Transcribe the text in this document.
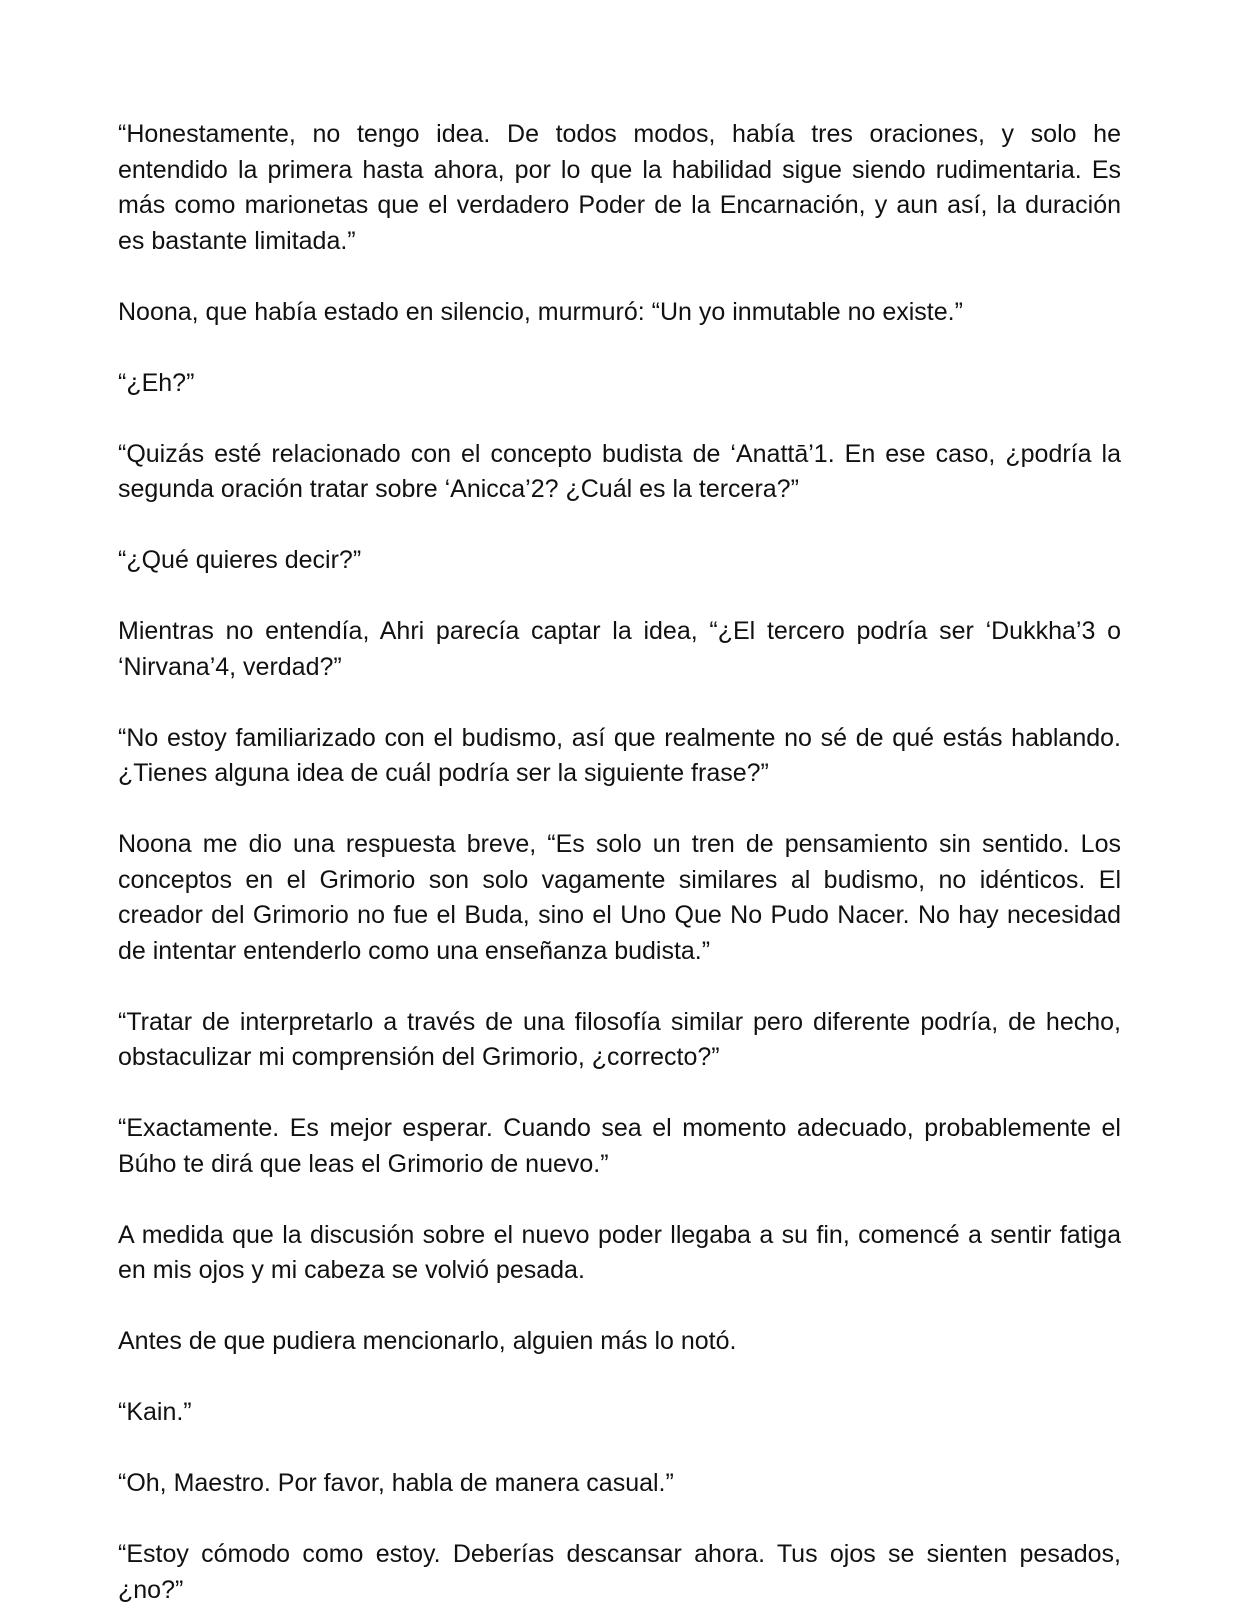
“Honestamente, no tengo idea. De todos modos, había tres oraciones, y solo he entendido la primera hasta ahora, por lo que la habilidad sigue siendo rudimentaria. Es más como marionetas que el verdadero Poder de la Encarnación, y aun así, la duración es bastante limitada.”

Noona, que había estado en silencio, murmuró: “Un yo inmutable no existe.”

“¿Eh?”

“Quizás esté relacionado con el concepto budista de ‘Anattā’1. En ese caso, ¿podría la segunda oración tratar sobre ‘Anicca’2? ¿Cuál es la tercera?”

“¿Qué quieres decir?”

Mientras no entendía, Ahri parecía captar la idea, “¿El tercero podría ser ‘Dukkha’3 o ‘Nirvana’4, verdad?”

“No estoy familiarizado con el budismo, así que realmente no sé de qué estás hablando. ¿Tienes alguna idea de cuál podría ser la siguiente frase?”

Noona me dio una respuesta breve, “Es solo un tren de pensamiento sin sentido. Los conceptos en el Grimorio son solo vagamente similares al budismo, no idénticos. El creador del Grimorio no fue el Buda, sino el Uno Que No Pudo Nacer. No hay necesidad de intentar entenderlo como una enseñanza budista.”

“Tratar de interpretarlo a través de una filosofía similar pero diferente podría, de hecho, obstaculizar mi comprensión del Grimorio, ¿correcto?”

“Exactamente. Es mejor esperar. Cuando sea el momento adecuado, probablemente el Búho te dirá que leas el Grimorio de nuevo.”

A medida que la discusión sobre el nuevo poder llegaba a su fin, comencé a sentir fatiga en mis ojos y mi cabeza se volvió pesada.

Antes de que pudiera mencionarlo, alguien más lo notó.

“Kain.”

“Oh, Maestro. Por favor, habla de manera casual.”

“Estoy cómodo como estoy. Deberías descansar ahora. Tus ojos se sienten pesados, ¿no?”
